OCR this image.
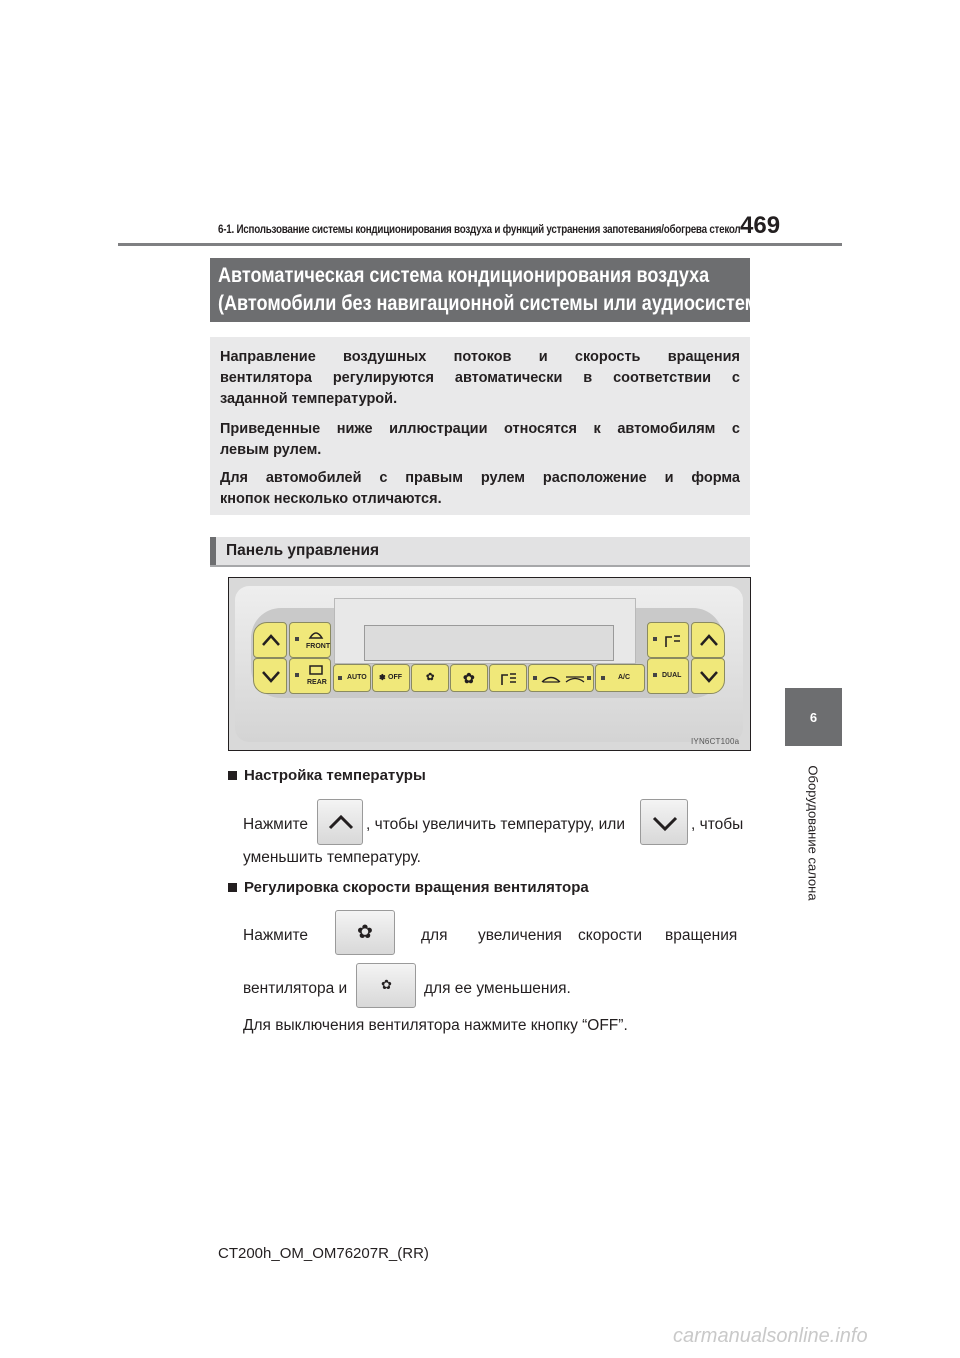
6-1. Использование системы кондиционирования воздуха и функций устранения запотевания/обогрева стекол 469
6
Оборудование салона
Автоматическая система кондиционирования воздуха
(Автомобили без навигационной системы или аудиосистемы Lexus)
Направление воздушных потоков и скорость вращения
вентилятора регулируются автоматически в соответствии с
заданной температурой.
Приведенные ниже иллюстрации относятся к автомобилям с
левым рулем.
Для автомобилей с правым рулем расположение и форма
кнопок несколько отличаются.
Панель управления
FRONT
REAR
AUTO ✽ OFF ✿ ✿	A/C	DUAL
IYN6CT100a
Настройка температуры
Нажмите	, чтобы увеличить температуру, или	, чтобы
уменьшить температуру.
Регулировка скорости вращения вентилятора
Нажмите	✿	для увеличения скорости вращения
вентилятора и	✿ для ее уменьшения.
Для выключения вентилятора нажмите кнопку “OFF”.
CT200h_OM_OM76207R_(RR)
carmanualsonline.info
